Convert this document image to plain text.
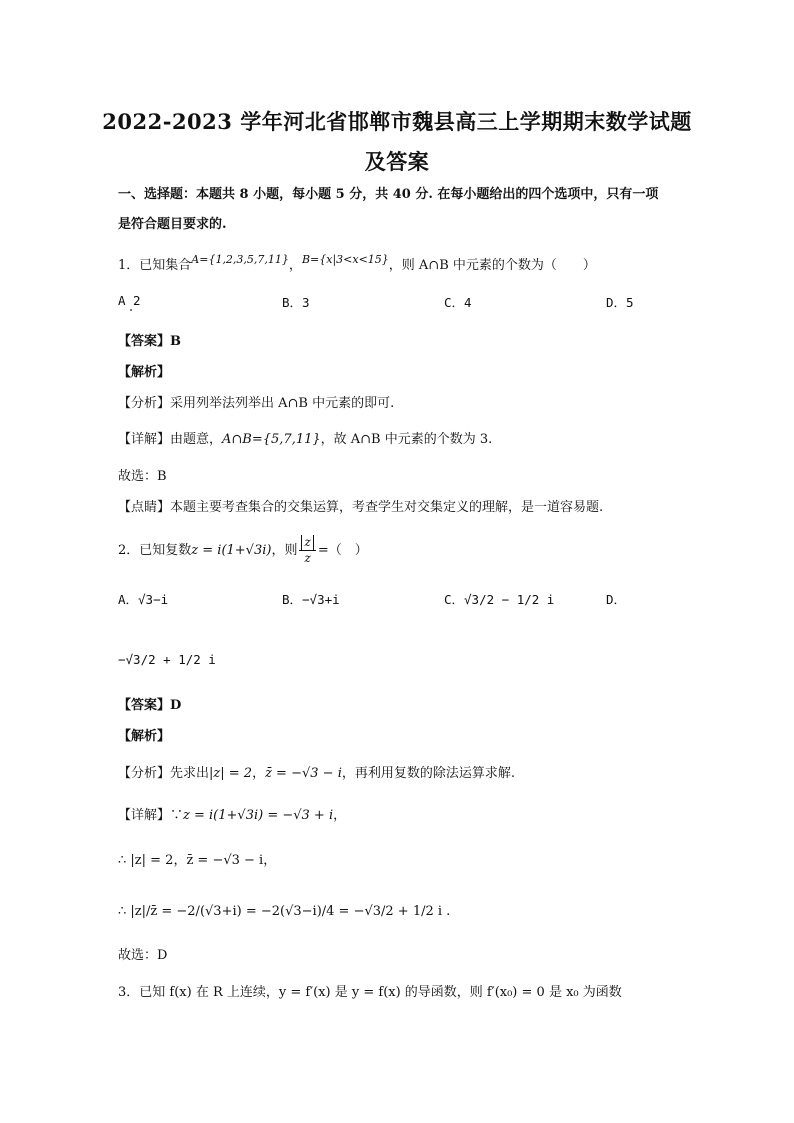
2022-2023 学年河北省邯郸市魏县高三上学期期末数学试题
及答案
一、选择题：本题共 8 小题，每小题 5 分，共 40 分. 在每小题给出的四个选项中，只有一项
是符合题目要求的.
1．已知集合$^{A=\{1,2,3,5,7,11\}}$，$^{B=\{x|3<x<15\}}$，则 A∩B 中元素的个数为（　　）
A 2	B．3	C．4	D．5
【答案】B
【解析】
【分析】采用列举法列举出 A∩B 中元素的即可.
【详解】由题意，A∩B={5,7,11}，故 A∩B 中元素的个数为 3.
故选：B
【点睛】本题主要考查集合的交集运算，考查学生对交集定义的理解，是一道容易题.
2．已知复数z = i(1+√3i)，则 $\frac{z}{z}$ =（　）
A．√3−i	B．−√3+i	C．√3/2 − 1/2 i	D．
−√3/2 + 1/2 i
【答案】D
【解析】
【分析】先求出|z| = 2，z̄ = −√3 − i，再利用复数的除法运算求解.
【详解】∵z = i(1+√3i) = −√3 + i，
∴ |z| = 2，z̄ = −√3 − i，
∴ |z|/z̄ = −2/(√3+i) = −2(√3−i)/4 = −√3/2 + 1/2 i .
故选：D
3．已知 f(x) 在 R 上连续，y = f′(x) 是 y = f(x) 的导函数，则 f′(x₀) = 0 是 x₀ 为函数
